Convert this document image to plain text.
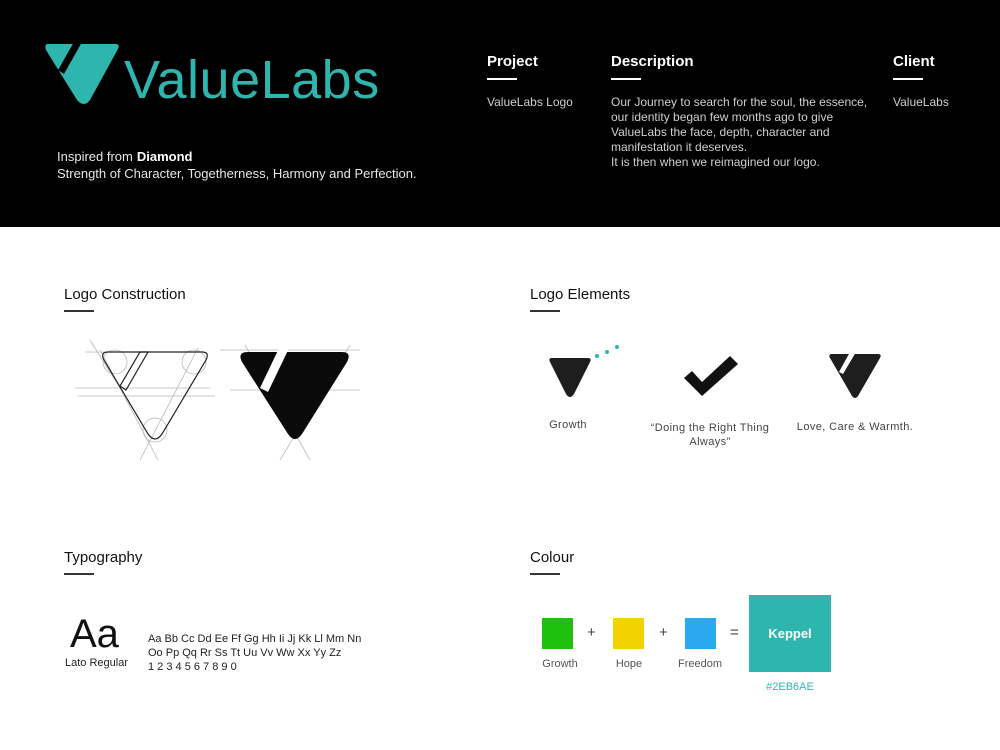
ValueLabs
Inspired from Diamond
Strength of Character, Togetherness, Harmony and Perfection.
Project
ValueLabs Logo
Description
Our Journey to search for the soul, the essence,
our identity began few months ago to give
ValueLabs the face, depth, character and
manifestation it deserves.
It is then when we reimagined our logo.
Client
ValueLabs
Logo Construction	Logo Elements
Growth	“Doing the Right Thing
Always”
Love, Care & Warmth.
Typography
Aa
Lato Regular
Aa Bb Cc Dd Ee Ff Gg Hh Ii Jj Kk Ll Mm Nn
Oo Pp Qq Rr Ss Tt Uu Vv Ww Xx Yy Zz
1 2 3 4 5 6 7 8 9 0
Colour
Growth
+
Hope
+
Freedom
= Keppel
#2EB6AE
